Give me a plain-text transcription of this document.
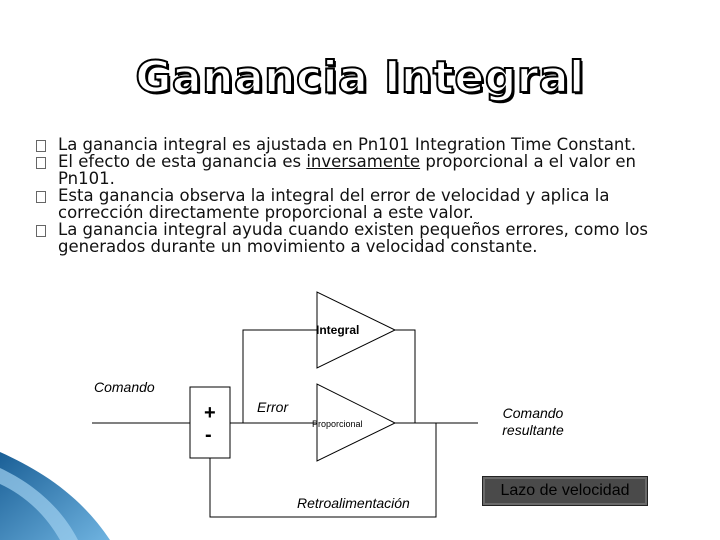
Ganancia Integral
La ganancia integral es ajustada en Pn101 Integration Time Constant.
El efecto de esta ganancia es inversamente proporcional a el valor en Pn101.
Esta ganancia observa la integral del error de velocidad y aplica la corrección directamente proporcional a este valor.
La ganancia integral ayuda cuando existen pequeños errores, como los generados durante un movimiento a velocidad constante.
Integral
Comando
+
-
Error
Proporcional
Comando
resultante
Retroalimentación
Lazo de velocidad
